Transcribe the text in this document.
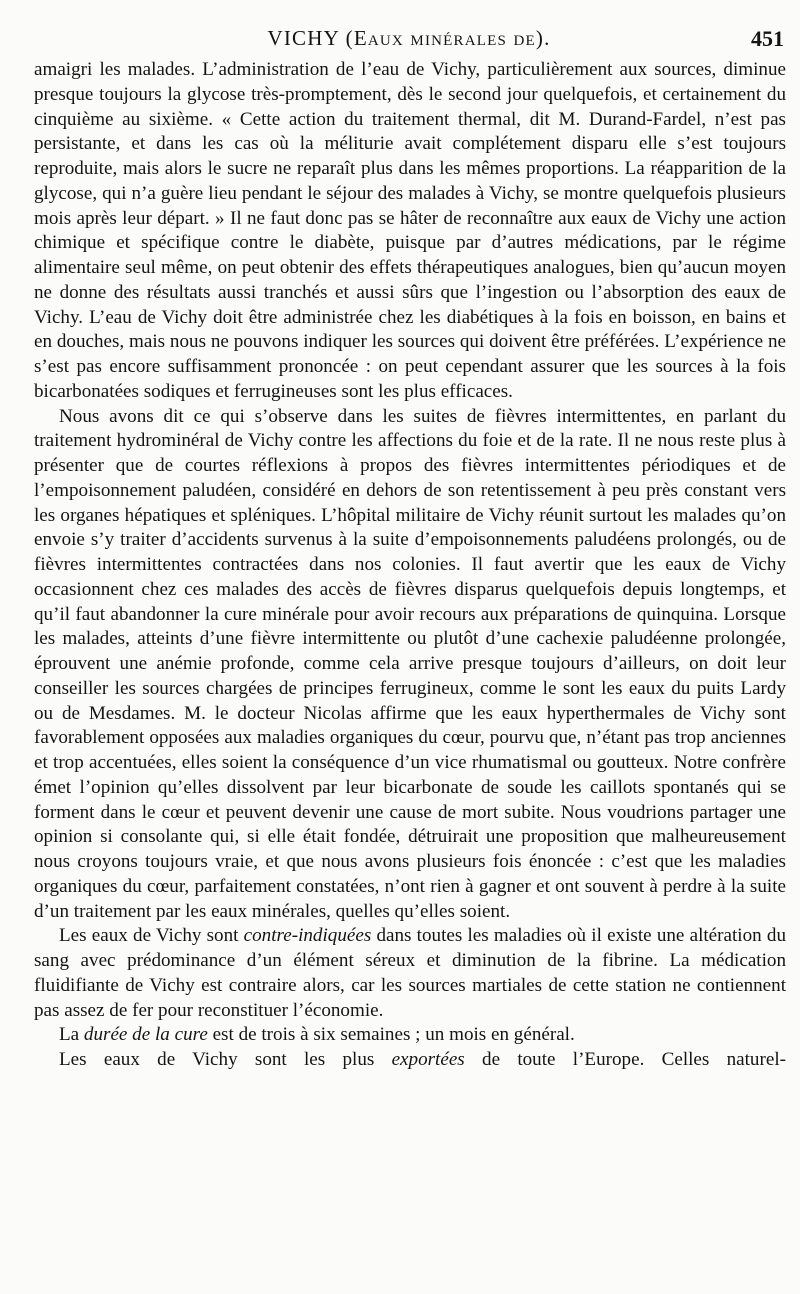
VICHY (Eaux minérales de).	451

amaigri les malades. L’administration de l’eau de Vichy, particulièrement aux sources, diminue presque toujours la glycose très-promptement, dès le second jour quelquefois, et certainement du cinquième au sixième. « Cette action du traitement thermal, dit M. Durand-Fardel, n’est pas persistante, et dans les cas où la méliturie avait complétement disparu elle s’est toujours reproduite, mais alors le sucre ne reparaît plus dans les mêmes proportions. La réapparition de la glycose, qui n’a guère lieu pendant le séjour des malades à Vichy, se montre quelquefois plusieurs mois après leur départ. » Il ne faut donc pas se hâter de reconnaître aux eaux de Vichy une action chimique et spécifique contre le diabète, puisque par d’autres médications, par le régime alimentaire seul même, on peut obtenir des effets thérapeutiques analogues, bien qu’aucun moyen ne donne des résultats aussi tranchés et aussi sûrs que l’ingestion ou l’absorption des eaux de Vichy. L’eau de Vichy doit être administrée chez les diabétiques à la fois en boisson, en bains et en douches, mais nous ne pouvons indiquer les sources qui doivent être préférées. L’expérience ne s’est pas encore suffisamment prononcée : on peut cependant assurer que les sources à la fois bicarbonatées sodiques et ferrugineuses sont les plus efficaces.

Nous avons dit ce qui s’observe dans les suites de fièvres intermittentes, en parlant du traitement hydrominéral de Vichy contre les affections du foie et de la rate. Il ne nous reste plus à présenter que de courtes réflexions à propos des fièvres intermittentes périodiques et de l’empoisonnement paludéen, considéré en dehors de son retentissement à peu près constant vers les organes hépatiques et spléniques. L’hôpital militaire de Vichy réunit surtout les malades qu’on envoie s’y traiter d’accidents survenus à la suite d’empoisonnements paludéens prolongés, ou de fièvres intermittentes contractées dans nos colonies. Il faut avertir que les eaux de Vichy occasionnent chez ces malades des accès de fièvres disparus quelquefois depuis longtemps, et qu’il faut abandonner la cure minérale pour avoir recours aux préparations de quinquina. Lorsque les malades, atteints d’une fièvre intermittente ou plutôt d’une cachexie paludéenne prolongée, éprouvent une anémie profonde, comme cela arrive presque toujours d’ailleurs, on doit leur conseiller les sources chargées de principes ferrugineux, comme le sont les eaux du puits Lardy ou de Mesdames. M. le docteur Nicolas affirme que les eaux hyperthermales de Vichy sont favorablement opposées aux maladies organiques du cœur, pourvu que, n’étant pas trop anciennes et trop accentuées, elles soient la conséquence d’un vice rhumatismal ou goutteux. Notre confrère émet l’opinion qu’elles dissolvent par leur bicarbonate de soude les caillots spontanés qui se forment dans le cœur et peuvent devenir une cause de mort subite. Nous voudrions partager une opinion si consolante qui, si elle était fondée, détruirait une proposition que malheureusement nous croyons toujours vraie, et que nous avons plusieurs fois énoncée : c’est que les maladies organiques du cœur, parfaitement constatées, n’ont rien à gagner et ont souvent à perdre à la suite d’un traitement par les eaux minérales, quelles qu’elles soient.

Les eaux de Vichy sont contre-indiquées dans toutes les maladies où il existe une altération du sang avec prédominance d’un élément séreux et diminution de la fibrine. La médication fluidifiante de Vichy est contraire alors, car les sources martiales de cette station ne contiennent pas assez de fer pour reconstituer l’économie.

La durée de la cure est de trois à six semaines ; un mois en général.

Les eaux de Vichy sont les plus exportées de toute l’Europe. Celles naturel-
